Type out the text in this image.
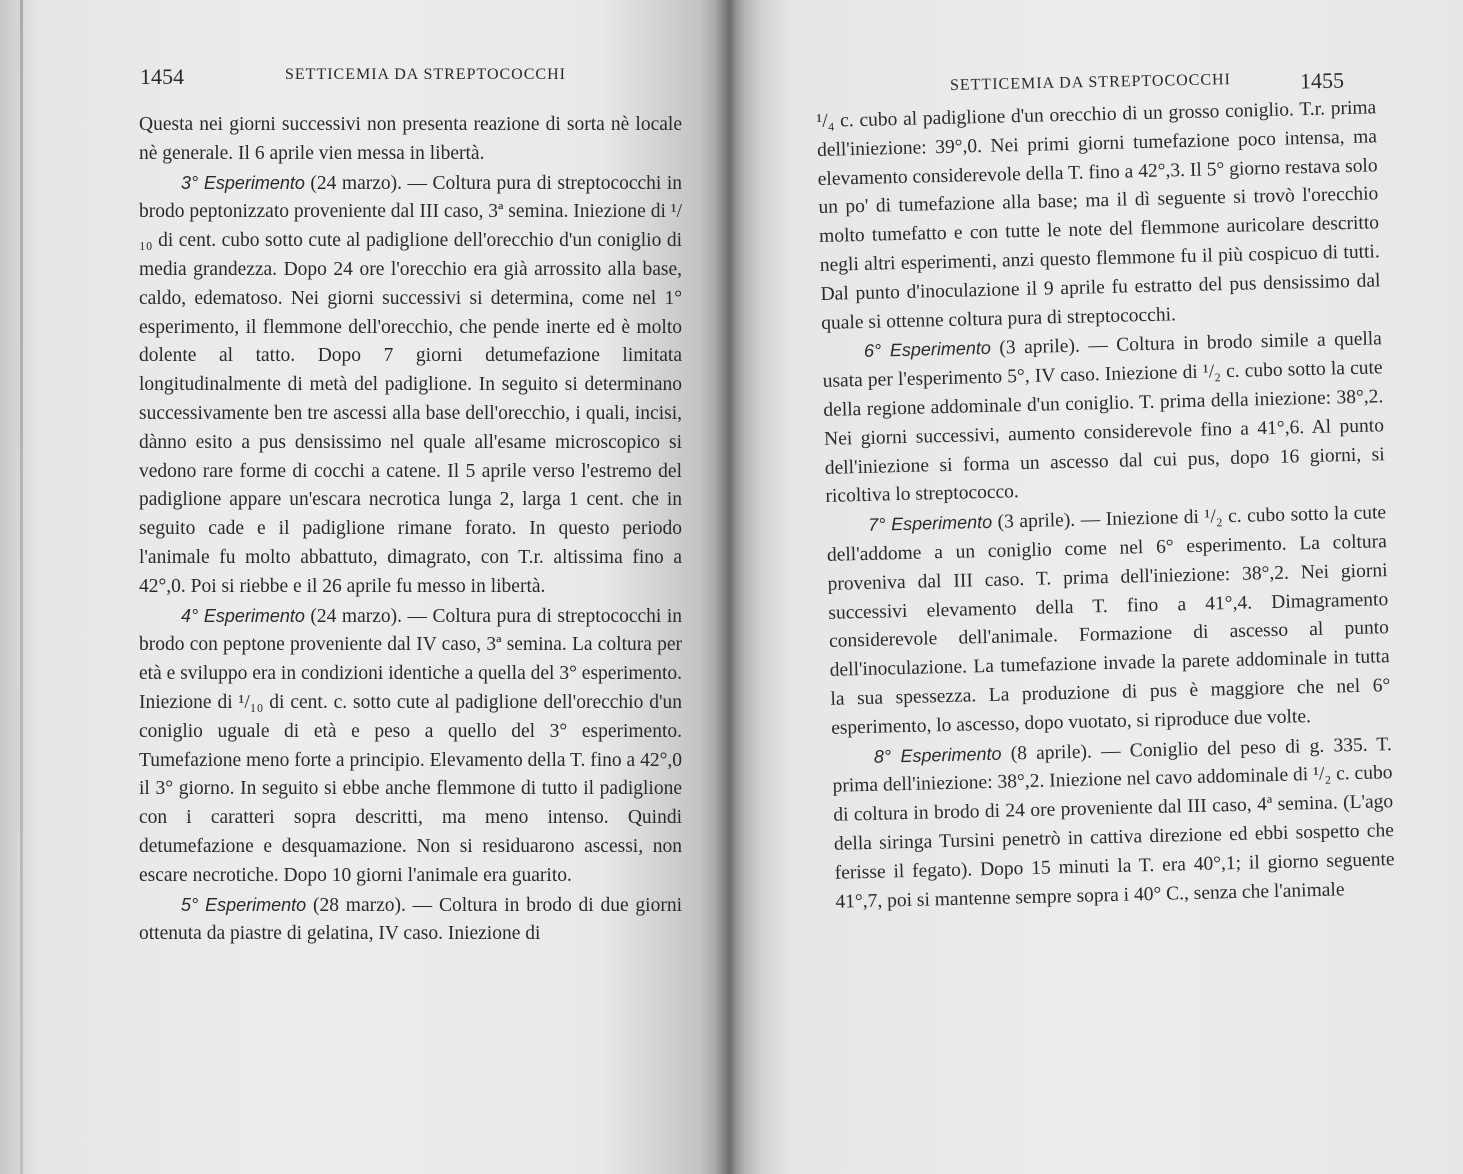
1454	SETTICEMIA DA STREPTOCOCCHI

Questa nei giorni successivi non presenta reazione di sorta nè locale nè generale. Il 6 aprile vien messa in libertà.

3° Esperimento (24 marzo). — Coltura pura di streptococchi in brodo peptonizzato proveniente dal III caso, 3ª semina. Iniezione di ¹/₁₀ di cent. cubo sotto cute al padiglione dell'orecchio d'un coniglio di media grandezza. Dopo 24 ore l'orecchio era già arrossito alla base, caldo, edematoso. Nei giorni successivi si determina, come nel 1° esperimento, il flemmone dell'orecchio, che pende inerte ed è molto dolente al tatto. Dopo 7 giorni detumefazione limitata longitudinalmente di metà del padiglione. In seguito si determinano successivamente ben tre ascessi alla base dell'orecchio, i quali, incisi, dànno esito a pus densissimo nel quale all'esame microscopico si vedono rare forme di cocchi a catene. Il 5 aprile verso l'estremo del padiglione appare un'escara necrotica lunga 2, larga 1 cent. che in seguito cade e il padiglione rimane forato. In questo periodo l'animale fu molto abbattuto, dimagrato, con T.r. altissima fino a 42°,0. Poi si riebbe e il 26 aprile fu messo in libertà.

4° Esperimento (24 marzo). — Coltura pura di streptococchi in brodo con peptone proveniente dal IV caso, 3ª semina. La coltura per età e sviluppo era in condizioni identiche a quella del 3° esperimento. Iniezione di ¹/₁₀ di cent. c. sotto cute al padiglione dell'orecchio d'un coniglio uguale di età e peso a quello del 3° esperimento. Tumefazione meno forte a principio. Elevamento della T. fino a 42°,0 il 3° giorno. In seguito si ebbe anche flemmone di tutto il padiglione con i caratteri sopra descritti, ma meno intenso. Quindi detumefazione e desquamazione. Non si residuarono ascessi, non escare necrotiche. Dopo 10 giorni l'animale era guarito.

5° Esperimento (28 marzo). — Coltura in brodo di due giorni ottenuta da piastre di gelatina, IV caso. Iniezione di

SETTICEMIA DA STREPTOCOCCHI	1455

¹/₄ c. cubo al padiglione d'un orecchio di un grosso coniglio. T.r. prima dell'iniezione: 39°,0. Nei primi giorni tumefazione poco intensa, ma elevamento considerevole della T. fino a 42°,3. Il 5° giorno restava solo un po' di tumefazione alla base; ma il dì seguente si trovò l'orecchio molto tumefatto e con tutte le note del flemmone auricolare descritto negli altri esperimenti, anzi questo flemmone fu il più cospicuo di tutti. Dal punto d'inoculazione il 9 aprile fu estratto del pus densissimo dal quale si ottenne coltura pura di streptococchi.

6° Esperimento (3 aprile). — Coltura in brodo simile a quella usata per l'esperimento 5°, IV caso. Iniezione di ¹/₂ c. cubo sotto la cute della regione addominale d'un coniglio. T. prima della iniezione: 38°,2. Nei giorni successivi, aumento considerevole fino a 41°,6. Al punto dell'iniezione si forma un ascesso dal cui pus, dopo 16 giorni, si ricoltiva lo streptococco.

7° Esperimento (3 aprile). — Iniezione di ¹/₂ c. cubo sotto la cute dell'addome a un coniglio come nel 6° esperimento. La coltura proveniva dal III caso. T. prima dell'iniezione: 38°,2. Nei giorni successivi elevamento della T. fino a 41°,4. Dimagramento considerevole dell'animale. Formazione di ascesso al punto dell'inoculazione. La tumefazione invade la parete addominale in tutta la sua spessezza. La produzione di pus è maggiore che nel 6° esperimento, lo ascesso, dopo vuotato, si riproduce due volte.

8° Esperimento (8 aprile). — Coniglio del peso di g. 335. T. prima dell'iniezione: 38°,2. Iniezione nel cavo addominale di ¹/₂ c. cubo di coltura in brodo di 24 ore proveniente dal III caso, 4ª semina. (L'ago della siringa Tursini penetrò in cattiva direzione ed ebbi sospetto che ferisse il fegato). Dopo 15 minuti la T. era 40°,1; il giorno seguente 41°,7, poi si mantenne sempre sopra i 40° C., senza che l'animale
